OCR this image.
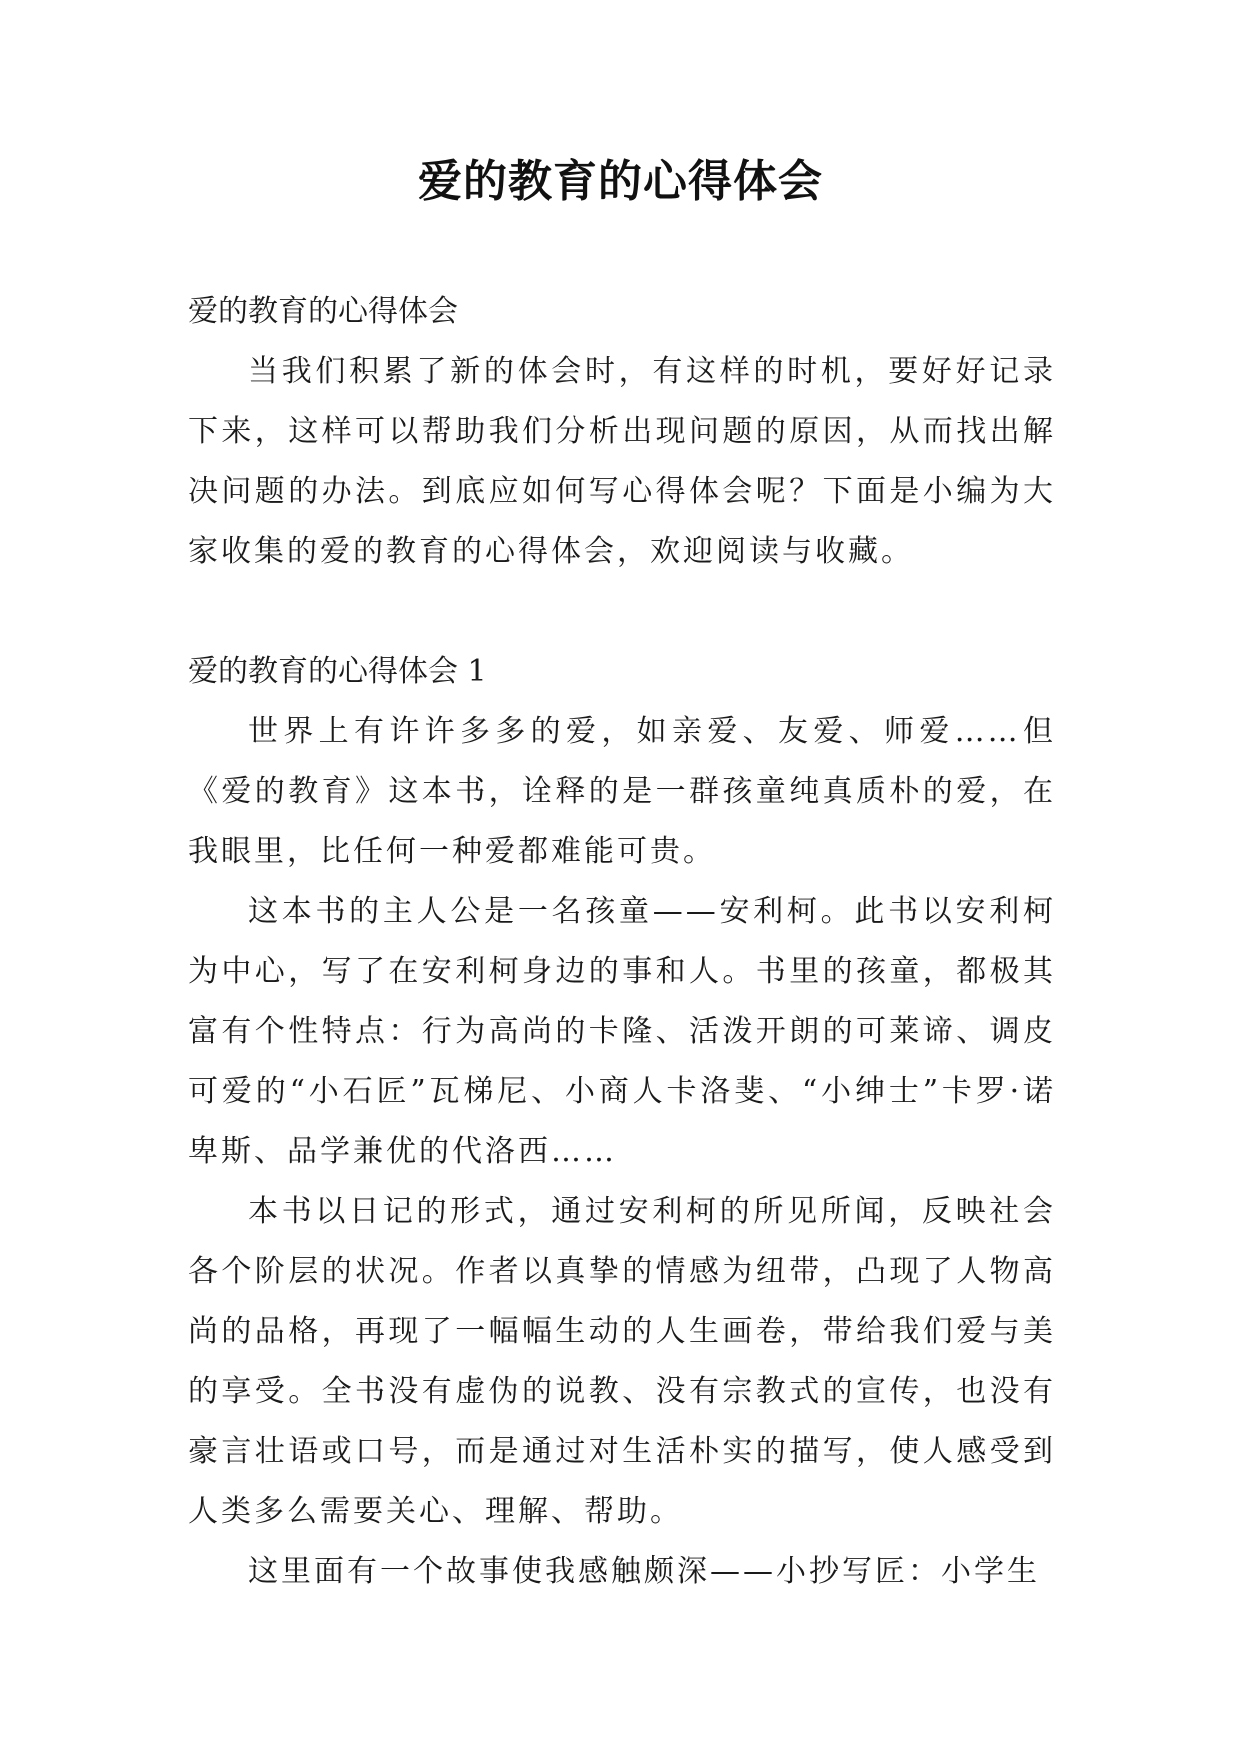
爱的教育的心得体会

爱的教育的心得体会

当我们积累了新的体会时，有这样的时机，要好好记录下来，这样可以帮助我们分析出现问题的原因，从而找出解决问题的办法。到底应如何写心得体会呢？下面是小编为大家收集的爱的教育的心得体会，欢迎阅读与收藏。

爱的教育的心得体会 1

世界上有许许多多的爱，如亲爱、友爱、师爱……但《爱的教育》这本书，诠释的是一群孩童纯真质朴的爱，在我眼里，比任何一种爱都难能可贵。

这本书的主人公是一名孩童——安利柯。此书以安利柯为中心，写了在安利柯身边的事和人。书里的孩童，都极其富有个性特点：行为高尚的卡隆、活泼开朗的可莱谛、调皮可爱的“小石匠”瓦梯尼、小商人卡洛斐、“小绅士”卡罗·诺卑斯、品学兼优的代洛西……

本书以日记的形式，通过安利柯的所见所闻，反映社会各个阶层的状况。作者以真挚的情感为纽带，凸现了人物高尚的品格，再现了一幅幅生动的人生画卷，带给我们爱与美的享受。全书没有虚伪的说教、没有宗教式的宣传，也没有豪言壮语或口号，而是通过对生活朴实的描写，使人感受到人类多么需要关心、理解、帮助。

这里面有一个故事使我感触颇深——小抄写匠：小学生
